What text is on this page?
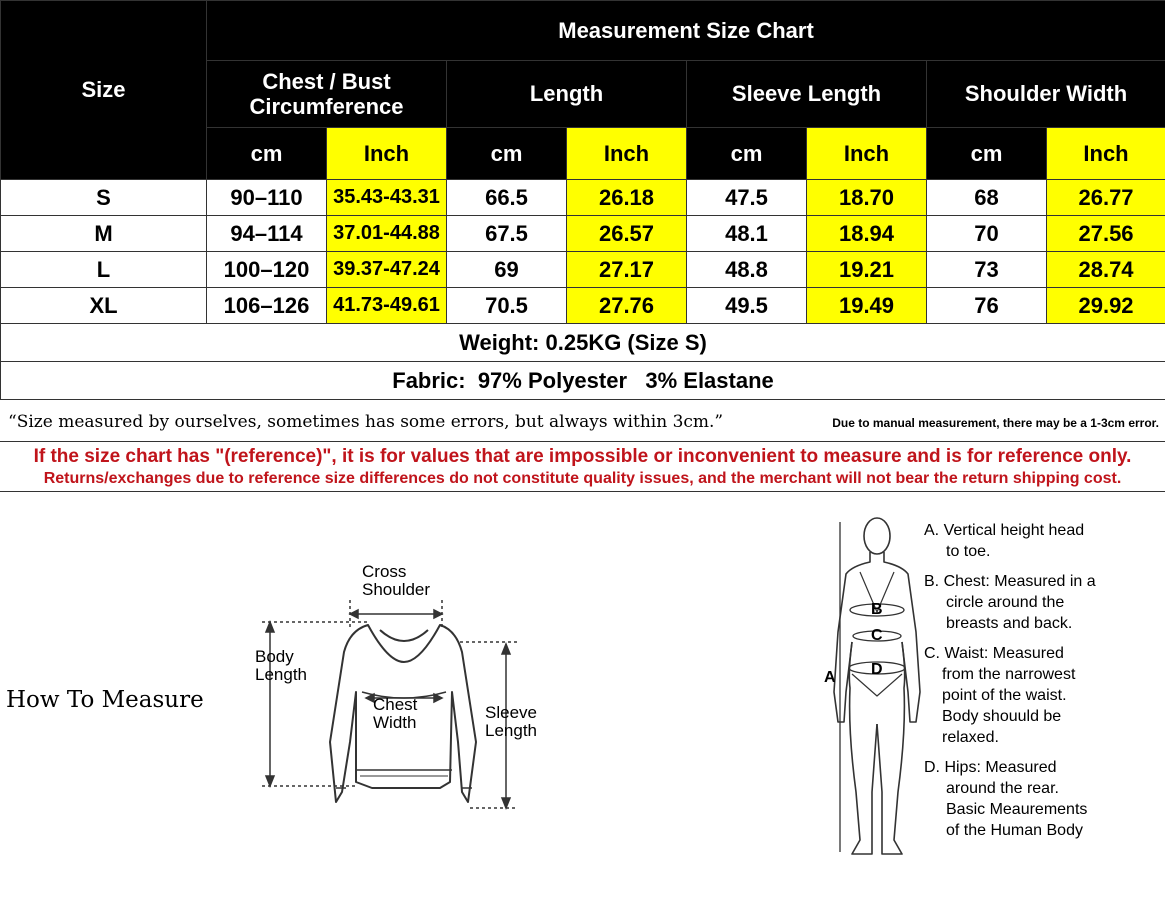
Size	Measurement Size Chart							
	Chest / Bust Circumference		Length		Sleeve Length		Shoulder Width	
	cm	Inch	cm	Inch	cm	Inch	cm	Inch
S	90–110	35.43-43.31	66.5	26.18	47.5	18.70	68	26.77
M	94–114	37.01-44.88	67.5	26.57	48.1	18.94	70	27.56
L	100–120	39.37-47.24	69	27.17	48.8	19.21	73	28.74
XL	106–126	41.73-49.61	70.5	27.76	49.5	19.49	76	29.92
Weight: 0.25KG (Size S)								
Fabric:  97% Polyester   3% Elastane								
“Size measured by ourselves, sometimes has some errors, but always within 3cm.”	Due to manual measurement, there may be a 1-3cm error.
If the size chart has "(reference)", it is for values that are impossible or inconvenient to measure and is for reference only.
Returns/exchanges due to reference size differences do not constitute quality issues, and the merchant will not bear the return shipping cost.
How To Measure
Cross
Shoulder
Body
Length
Chest
Width
Sleeve
Length
A
B
C
D
A. Vertical height head
to toe.
B. Chest: Measured in a
circle around the
breasts and back.
C. Waist: Measured
from the narrowest
point of the waist.
Body shouuld be
relaxed.
D. Hips: Measured
around the rear.
Basic Meaurements
of the Human Body
